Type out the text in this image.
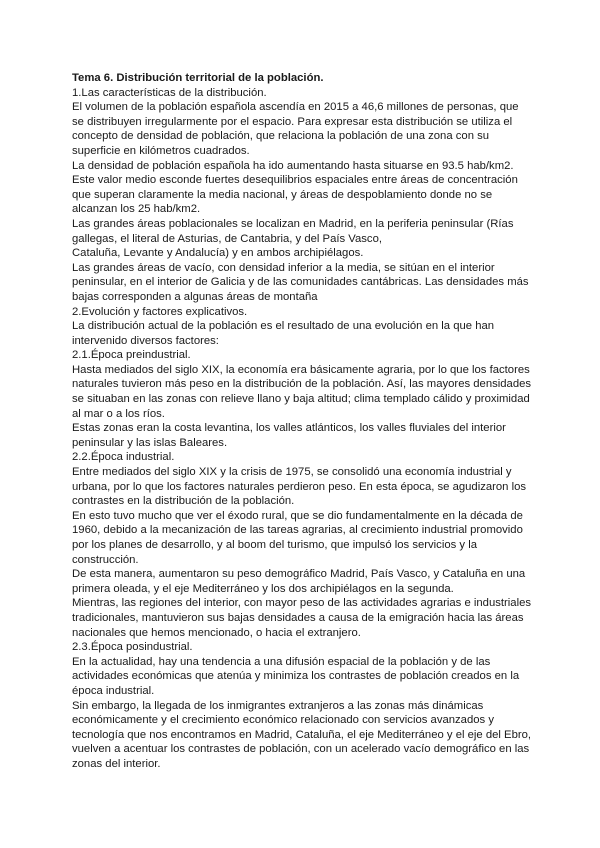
Tema 6. Distribución territorial de la población.

1.Las características de la distribución.

El volumen de la población española ascendía en 2015 a 46,6 millones de personas, que se distribuyen irregularmente por el espacio. Para expresar esta distribución se utiliza el concepto de densidad de población, que relaciona la población de una zona con su superficie en kilómetros cuadrados.

La densidad de población española ha ido aumentando hasta situarse en 93.5 hab/km2. Este valor medio esconde fuertes desequilibrios espaciales entre áreas de concentración que superan claramente la media nacional, y áreas de despoblamiento donde no se alcanzan los 25 hab/km2.

Las grandes áreas poblacionales se localizan en Madrid, en la periferia peninsular (Rías gallegas, el literal de Asturias, de Cantabria, y del País Vasco,

Cataluña, Levante y Andalucía) y en ambos archipiélagos.

Las grandes áreas de vacío, con densidad inferior a la media, se sitúan en el interior peninsular, en el interior de Galicia y de las comunidades cantábricas. Las densidades más bajas corresponden a algunas áreas de montaña

2.Evolución y factores explicativos.

La distribución actual de la población es el resultado de una evolución en la que han intervenido diversos factores:

2.1.Época preindustrial.

Hasta mediados del siglo XIX, la economía era básicamente agraria, por lo que los factores naturales tuvieron más peso en la distribución de la población. Así, las mayores densidades se situaban en las zonas con relieve llano y baja altitud; clima templado cálido y proximidad al mar o a los ríos.

Estas zonas eran la costa levantina, los valles atlánticos, los valles fluviales del interior peninsular y las islas Baleares.

2.2.Época industrial.

Entre mediados del siglo XIX y la crisis de 1975, se consolidó una economía industrial y urbana, por lo que los factores naturales perdieron peso. En esta época, se agudizaron los contrastes en la distribución de la población.

En esto tuvo mucho que ver el éxodo rural, que se dio fundamentalmente en la década de 1960, debido a la mecanización de las tareas agrarias, al crecimiento industrial promovido por los planes de desarrollo, y al boom del turismo, que impulsó los servicios y la construcción.

De esta manera, aumentaron su peso demográfico Madrid, País Vasco, y Cataluña en una primera oleada, y el eje Mediterráneo y los dos archipiélagos en la segunda.

Mientras, las regiones del interior, con mayor peso de las actividades agrarias e industriales tradicionales, mantuvieron sus bajas densidades a causa de la emigración hacia las áreas nacionales que hemos mencionado, o hacia el extranjero.

2.3.Época posindustrial.

En la actualidad, hay una tendencia a una difusión espacial de la población y de las actividades económicas que atenúa y minimiza los contrastes de población creados en la época industrial.

Sin embargo, la llegada de los inmigrantes extranjeros a las zonas más dinámicas económicamente y el crecimiento económico relacionado con servicios avanzados y tecnología que nos encontramos en Madrid, Cataluña, el eje Mediterráneo y el eje del Ebro, vuelven a acentuar los contrastes de población, con un acelerado vacío demográfico en las zonas del interior.
